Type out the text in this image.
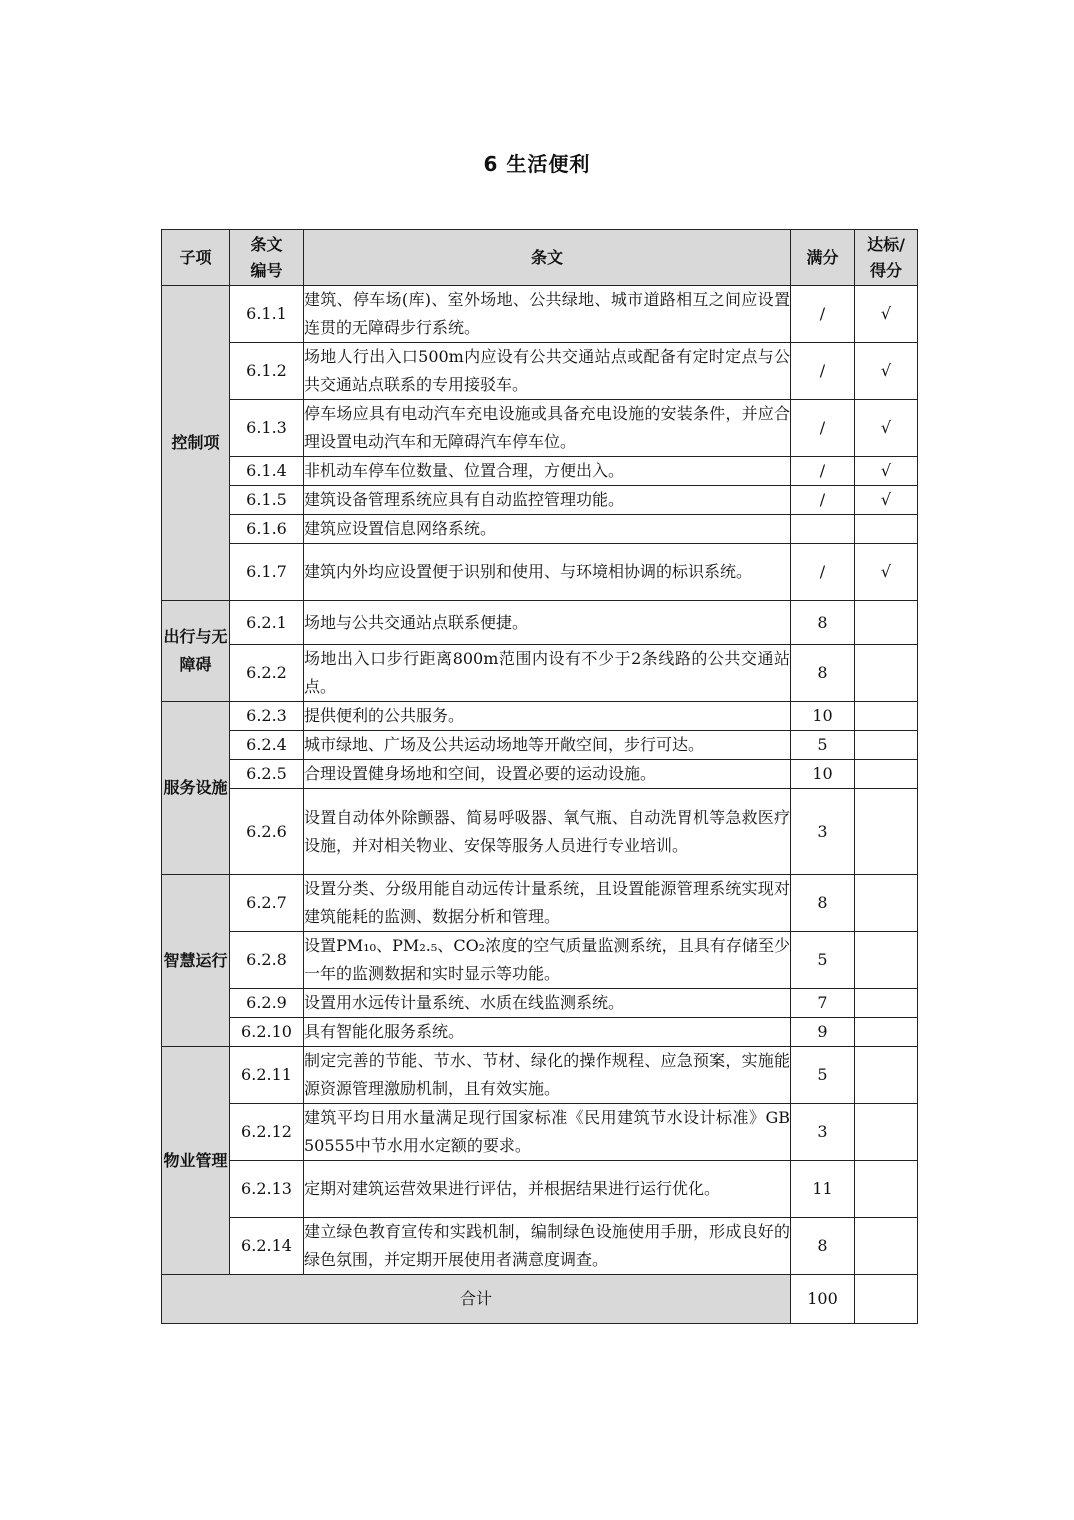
6 生活便利
子项	条文编号	条文	满分	达标/得分
控制项	6.1.1	建筑、停车场(库)、室外场地、公共绿地、城市道路相互之间应设置连贯的无障碍步行系统。	/	√
	6.1.2	场地人行出入口500m内应设有公共交通站点或配备有定时定点与公共交通站点联系的专用接驳车。	/	√
	6.1.3	停车场应具有电动汽车充电设施或具备充电设施的安装条件，并应合理设置电动汽车和无障碍汽车停车位。	/	√
	6.1.4	非机动车停车位数量、位置合理，方便出入。	/	√
	6.1.5	建筑设备管理系统应具有自动监控管理功能。	/	√
	6.1.6	建筑应设置信息网络系统。		
	6.1.7	建筑内外均应设置便于识别和使用、与环境相协调的标识系统。	/	√
出行与无障碍	6.2.1	场地与公共交通站点联系便捷。	8	
	6.2.2	场地出入口步行距离800m范围内设有不少于2条线路的公共交通站点。	8	
服务设施	6.2.3	提供便利的公共服务。	10	
	6.2.4	城市绿地、广场及公共运动场地等开敞空间，步行可达。	5	
	6.2.5	合理设置健身场地和空间，设置必要的运动设施。	10	
	6.2.6	设置自动体外除颤器、简易呼吸器、氧气瓶、自动洗胃机等急救医疗设施，并对相关物业、安保等服务人员进行专业培训。	3	
智慧运行	6.2.7	设置分类、分级用能自动远传计量系统，且设置能源管理系统实现对建筑能耗的监测、数据分析和管理。	8	
	6.2.8	设置PM₁₀、PM₂.₅、CO₂浓度的空气质量监测系统，且具有存储至少一年的监测数据和实时显示等功能。	5	
	6.2.9	设置用水远传计量系统、水质在线监测系统。	7	
	6.2.10	具有智能化服务系统。	9	
物业管理	6.2.11	制定完善的节能、节水、节材、绿化的操作规程、应急预案，实施能源资源管理激励机制，且有效实施。	5	
	6.2.12	建筑平均日用水量满足现行国家标准《民用建筑节水设计标准》GB 50555中节水用水定额的要求。	3	
	6.2.13	定期对建筑运营效果进行评估，并根据结果进行运行优化。	11	
	6.2.14	建立绿色教育宣传和实践机制，编制绿色设施使用手册，形成良好的绿色氛围，并定期开展使用者满意度调查。	8	
合计			100	
